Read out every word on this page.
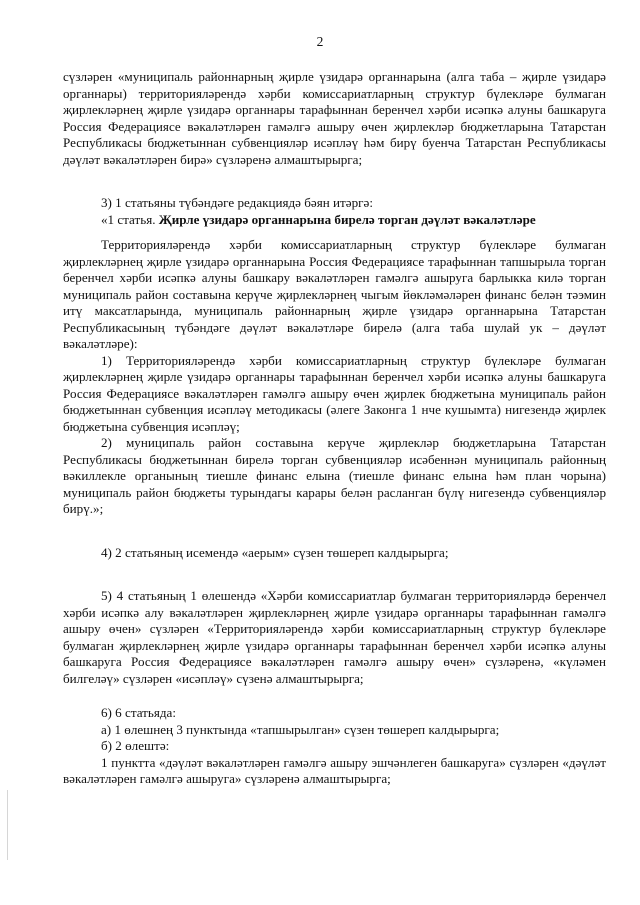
2

сүзләрен «муниципаль районнарның җирле үзидарә органнарына (алга таба – җирле үзидарә органнары) территорияләрендә хәрби комиссариатларның структур бүлекләре булмаган җирлекләрнең җирле үзидарә органнары тарафыннан беренчел хәрби исәпкә алуны башкаруга Россия Федерациясе вәкаләтләрен гамәлгә ашыру өчен җирлекләр бюджетларына Татарстан Республикасы бюджетыннан субвенцияләр исәпләү һәм бирү буенча Татарстан Республикасы дәүләт вәкаләтләрен бирә» сүзләренә алмаштырырга;

3) 1 статьяны түбәндәге редакциядә бәян итәргә:

«1 статья. Җирле үзидарә органнарына бирелә торган дәүләт вәкаләтләре

Территорияләрендә хәрби комиссариатларның структур бүлекләре булмаган җирлекләрнең җирле үзидарә органнарына Россия Федерациясе тарафыннан тапшырыла торган беренчел хәрби исәпкә алуны башкару вәкаләтләрен гамәлгә ашыруга барлыкка килә торган муниципаль район составына керүче җирлекләрнең чыгым йөкләмәләрен финанс белән тәэмин итү максатларында, муниципаль районнарның җирле үзидарә органнарына Татарстан Республикасының түбәндәге дәүләт вәкаләтләре бирелә (алга таба шулай ук – дәүләт вәкаләтләре):

1) Территорияләрендә хәрби комиссариатларның структур бүлекләре булмаган җирлекләрнең җирле үзидарә органнары тарафыннан беренчел хәрби исәпкә алуны башкаруга Россия Федерациясе вәкаләтләрен гамәлгә ашыру өчен җирлек бюджетына муниципаль район бюджетыннан субвенция исәпләү методикасы (әлеге Законга 1 нче кушымта) нигезендә җирлек бюджетына субвенция исәпләү;

2) муниципаль район составына керүче җирлекләр бюджетларына Татарстан Республикасы бюджетыннан бирелә торган субвенцияләр исәбеннән муниципаль районның вәкиллекле органының тиешле финанс елына (тиешле финанс елына һәм план чорына) муниципаль район бюджеты турындагы карары белән расланган бүлү нигезендә субвенцияләр бирү.»;

4) 2 статьяның исемендә «аерым» сүзен төшереп калдырырга;

5) 4 статьяның 1 өлешендә «Хәрби комиссариатлар булмаган территорияләрдә беренчел хәрби исәпкә алу вәкаләтләрен җирлекләрнең җирле үзидарә органнары тарафыннан гамәлгә ашыру өчен» сүзләрен «Территорияләрендә хәрби комиссариатларның структур бүлекләре булмаган җирлекләрнең җирле үзидарә органнары тарафыннан беренчел хәрби исәпкә алуны башкаруга Россия Федерациясе вәкаләтләрен гамәлгә ашыру өчен» сүзләренә, «күләмен билгеләү» сүзләрен «исәпләү» сүзенә алмаштырырга;

6) 6 статьяда:

а) 1 өлешнең 3 пунктында «тапшырылган» сүзен төшереп калдырырга;

б) 2 өлештә:

1 пунктта «дәүләт вәкаләтләрен гамәлгә ашыру эшчәнлеген башкаруга» сүзләрен «дәүләт вәкаләтләрен гамәлгә ашыруга» сүзләренә алмаштырырга;
